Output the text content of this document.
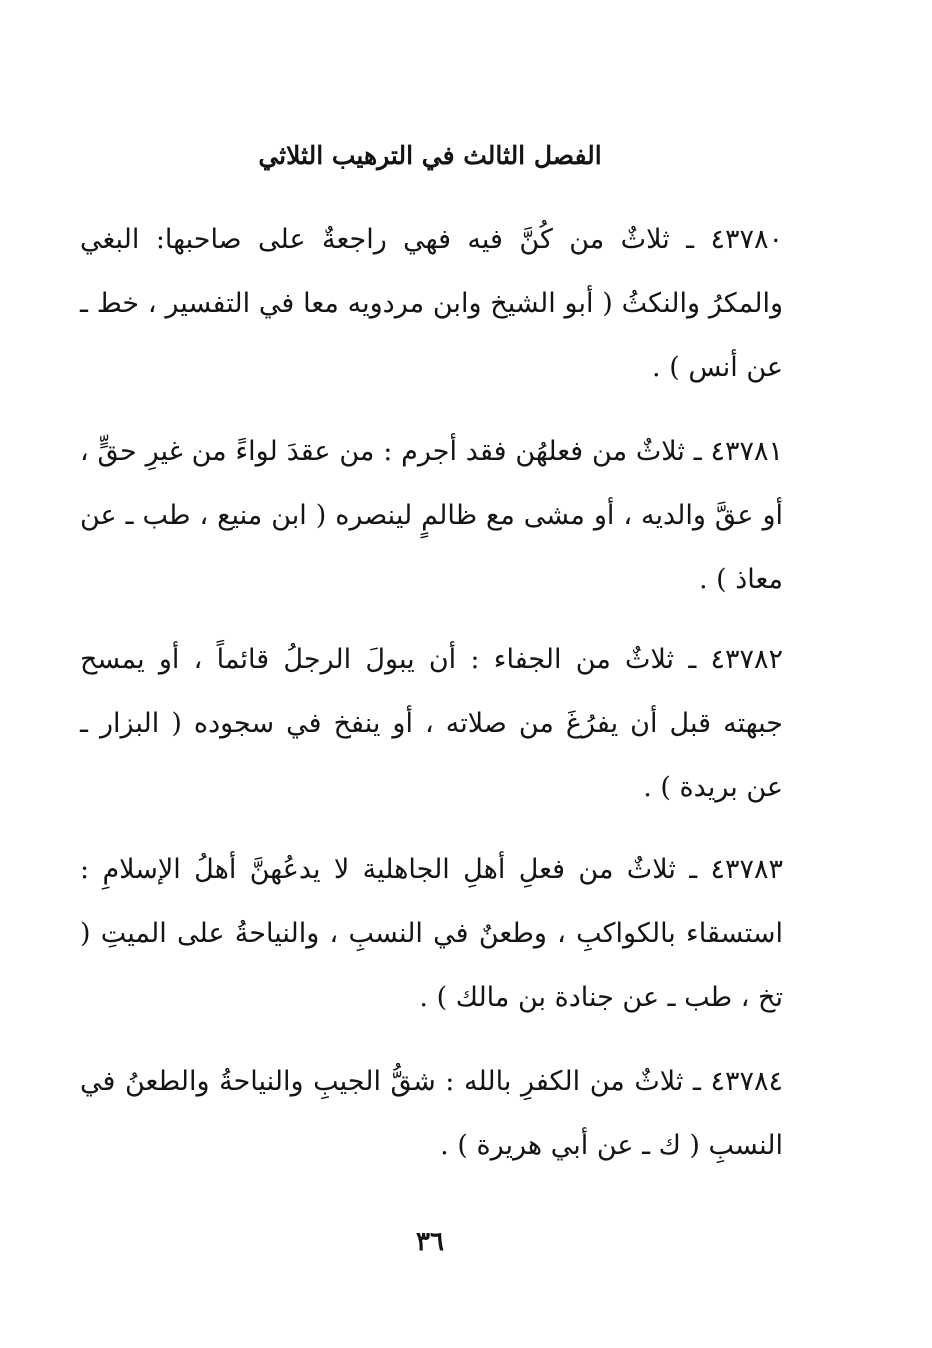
الفصل الثالث في الترهيب الثلاثي

٤٣٧٨٠ ـ ثلاثٌ من كُنَّ فيه فهي راجعةٌ على صاحبها: البغي والمكرُ والنكثُ ( أبو الشيخ وابن مردويه معا في التفسير ، خط ـ عن أنس ) .

٤٣٧٨١ ـ ثلاثٌ من فعلهُن فقد أجرم : من عقدَ لواءً من غيرِ حقٍّ ، أو عقَّ والديه ، أو مشى مع ظالمٍ لينصره ( ابن منيع ، طب ـ عن معاذ ) .

٤٣٧٨٢ ـ ثلاثٌ من الجفاء : أن يبولَ الرجلُ قائماً ، أو يمسح جبهته قبل أن يفرُغَ من صلاته ، أو ينفخ في سجوده ( البزار ـ عن بريدة ) .

٤٣٧٨٣ ـ ثلاثٌ من فعلِ أهلِ الجاهلية لا يدعُهنَّ أهلُ الإسلامِ : استسقاء بالكواكبِ ، وطعنٌ في النسبِ ، والنياحةُ على الميتِ ( تخ ، طب ـ عن جنادة بن مالك ) .

٤٣٧٨٤ ـ ثلاثٌ من الكفرِ بالله : شقُّ الجيبِ والنياحةُ والطعنُ في النسبِ ( ك ـ عن أبي هريرة ) .

٣٦
